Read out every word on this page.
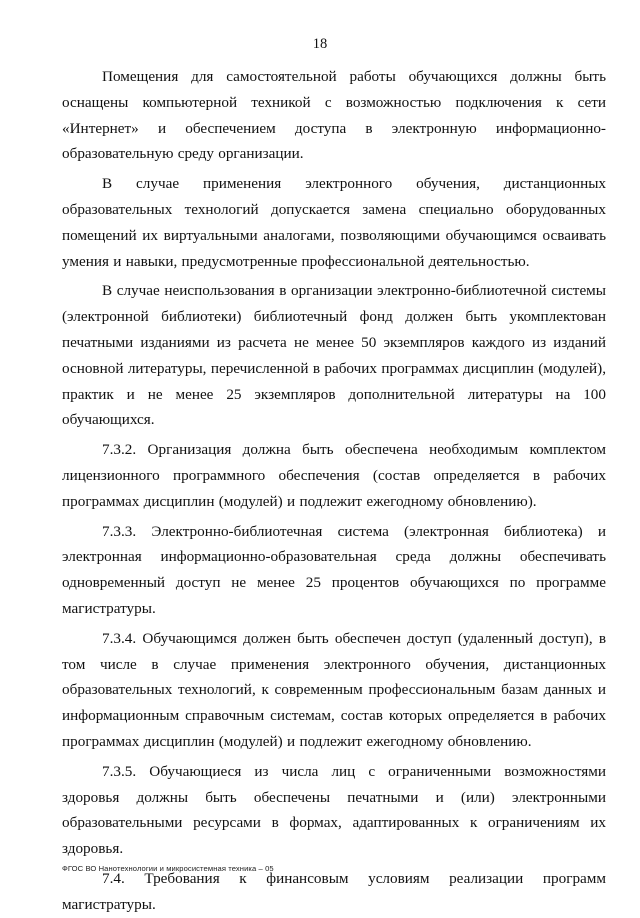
18

Помещения для самостоятельной работы обучающихся должны быть оснащены компьютерной техникой с возможностью подключения к сети «Интернет» и обеспечением доступа в электронную информационно-образовательную среду организации.

В случае применения электронного обучения, дистанционных образовательных технологий допускается замена специально оборудованных помещений их виртуальными аналогами, позволяющими обучающимся осваивать умения и навыки, предусмотренные профессиональной деятельностью.

В случае неиспользования в организации электронно-библиотечной системы (электронной библиотеки) библиотечный фонд должен быть укомплектован печатными изданиями из расчета не менее 50 экземпляров каждого из изданий основной литературы, перечисленной в рабочих программах дисциплин (модулей), практик и не менее 25 экземпляров дополнительной литературы на 100 обучающихся.

7.3.2. Организация должна быть обеспечена необходимым комплектом лицензионного программного обеспечения (состав определяется в рабочих программах дисциплин (модулей) и подлежит ежегодному обновлению).

7.3.3. Электронно-библиотечная система (электронная библиотека) и электронная информационно-образовательная среда должны обеспечивать одновременный доступ не менее 25 процентов обучающихся по программе магистратуры.

7.3.4. Обучающимся должен быть обеспечен доступ (удаленный доступ), в том числе в случае применения электронного обучения, дистанционных образовательных технологий, к современным профессиональным базам данных и информационным справочным системам, состав которых определяется в рабочих программах дисциплин (модулей) и подлежит ежегодному обновлению.

7.3.5. Обучающиеся из числа лиц с ограниченными возможностями здоровья должны быть обеспечены печатными и (или) электронными образовательными ресурсами в формах, адаптированных к ограничениям их здоровья.

7.4. Требования к финансовым условиям реализации программ магистратуры.

ФГОС ВО Нанотехнологии и микросистемная техника – 05
